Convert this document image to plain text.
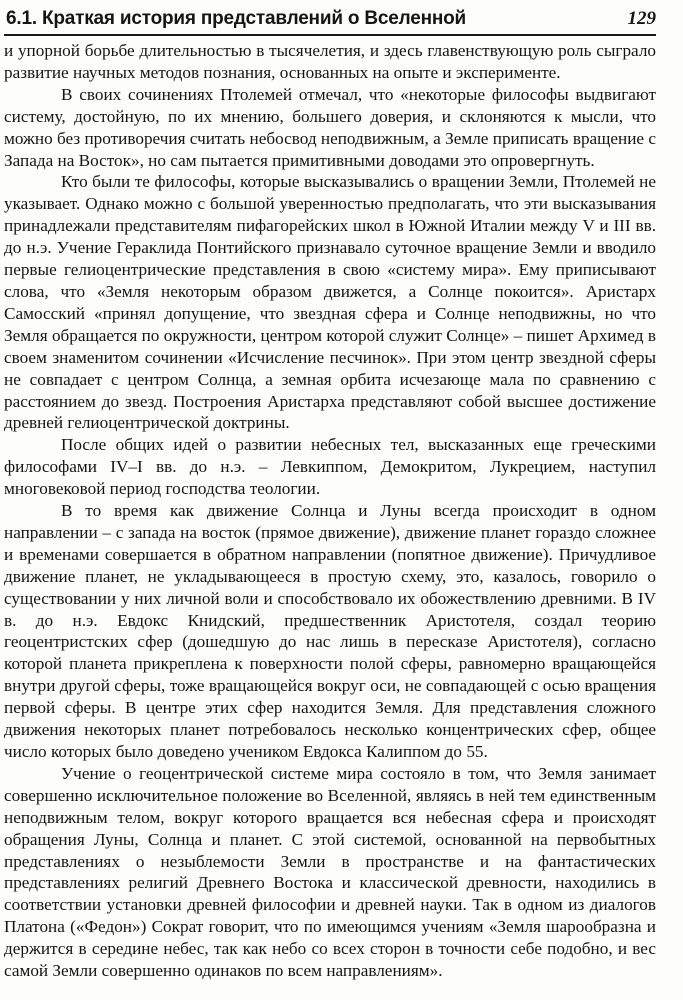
6.1. Краткая история представлений о Вселенной	129

и упорной борьбе длительностью в тысячелетия, и здесь главенствующую роль сыграло развитие научных методов познания, основанных на опыте и эксперименте.

В своих сочинениях Птолемей отмечал, что «некоторые философы выдвигают систему, достойную, по их мнению, большего доверия, и склоняются к мысли, что можно без противоречия считать небосвод неподвижным, а Земле приписать вращение с Запада на Восток», но сам пытается примитивными доводами это опровергнуть.

Кто были те философы, которые высказывались о вращении Земли, Птолемей не указывает. Однако можно с большой уверенностью предполагать, что эти высказывания принадлежали представителям пифагорейских школ в Южной Италии между V и III вв. до н.э. Учение Гераклида Понтийского признавало суточное вращение Земли и вводило первые гелиоцентрические представления в свою «систему мира». Ему приписывают слова, что «Земля некоторым образом движется, а Солнце покоится». Аристарх Самосский «принял допущение, что звездная сфера и Солнце неподвижны, но что Земля обращается по окружности, центром которой служит Солнце» – пишет Архимед в своем знаменитом сочинении «Исчисление песчинок». При этом центр звездной сферы не совпадает с центром Солнца, а земная орбита исчезающе мала по сравнению с расстоянием до звезд. Построения Аристарха представляют собой высшее достижение древней гелиоцентрической доктрины.

После общих идей о развитии небесных тел, высказанных еще греческими философами IV–I вв. до н.э. – Левкиппом, Демокритом, Лукрецием, наступил многовековой период господства теологии.

В то время как движение Солнца и Луны всегда происходит в одном направлении – с запада на восток (прямое движение), движение планет гораздо сложнее и временами совершается в обратном направлении (попятное движение). Причудливое движение планет, не укладывающееся в простую схему, это, казалось, говорило о существовании у них личной воли и способствовало их обожествлению древними. В IV в. до н.э. Евдокс Книдский, предшественник Аристотеля, создал теорию геоцентристских сфер (дошедшую до нас лишь в пересказе Аристотеля), согласно которой планета прикреплена к поверхности полой сферы, равномерно вращающейся внутри другой сферы, тоже вращающейся вокруг оси, не совпадающей с осью вращения первой сферы. В центре этих сфер находится Земля. Для представления сложного движения некоторых планет потребовалось несколько концентрических сфер, общее число которых было доведено учеником Евдокса Калиппом до 55.

Учение о геоцентрической системе мира состояло в том, что Земля занимает совершенно исключительное положение во Вселенной, являясь в ней тем единственным неподвижным телом, вокруг которого вращается вся небесная сфера и происходят обращения Луны, Солнца и планет. С этой системой, основанной на первобытных представлениях о незыблемости Земли в пространстве и на фантастических представлениях религий Древнего Востока и классической древности, находились в соответствии установки древней философии и древней науки. Так в одном из диалогов Платона («Федон») Сократ говорит, что по имеющимся учениям «Земля шарообразна и держится в середине небес, так как небо со всех сторон в точности себе подобно, и вес самой Земли совершенно одинаков по всем направлениям».
